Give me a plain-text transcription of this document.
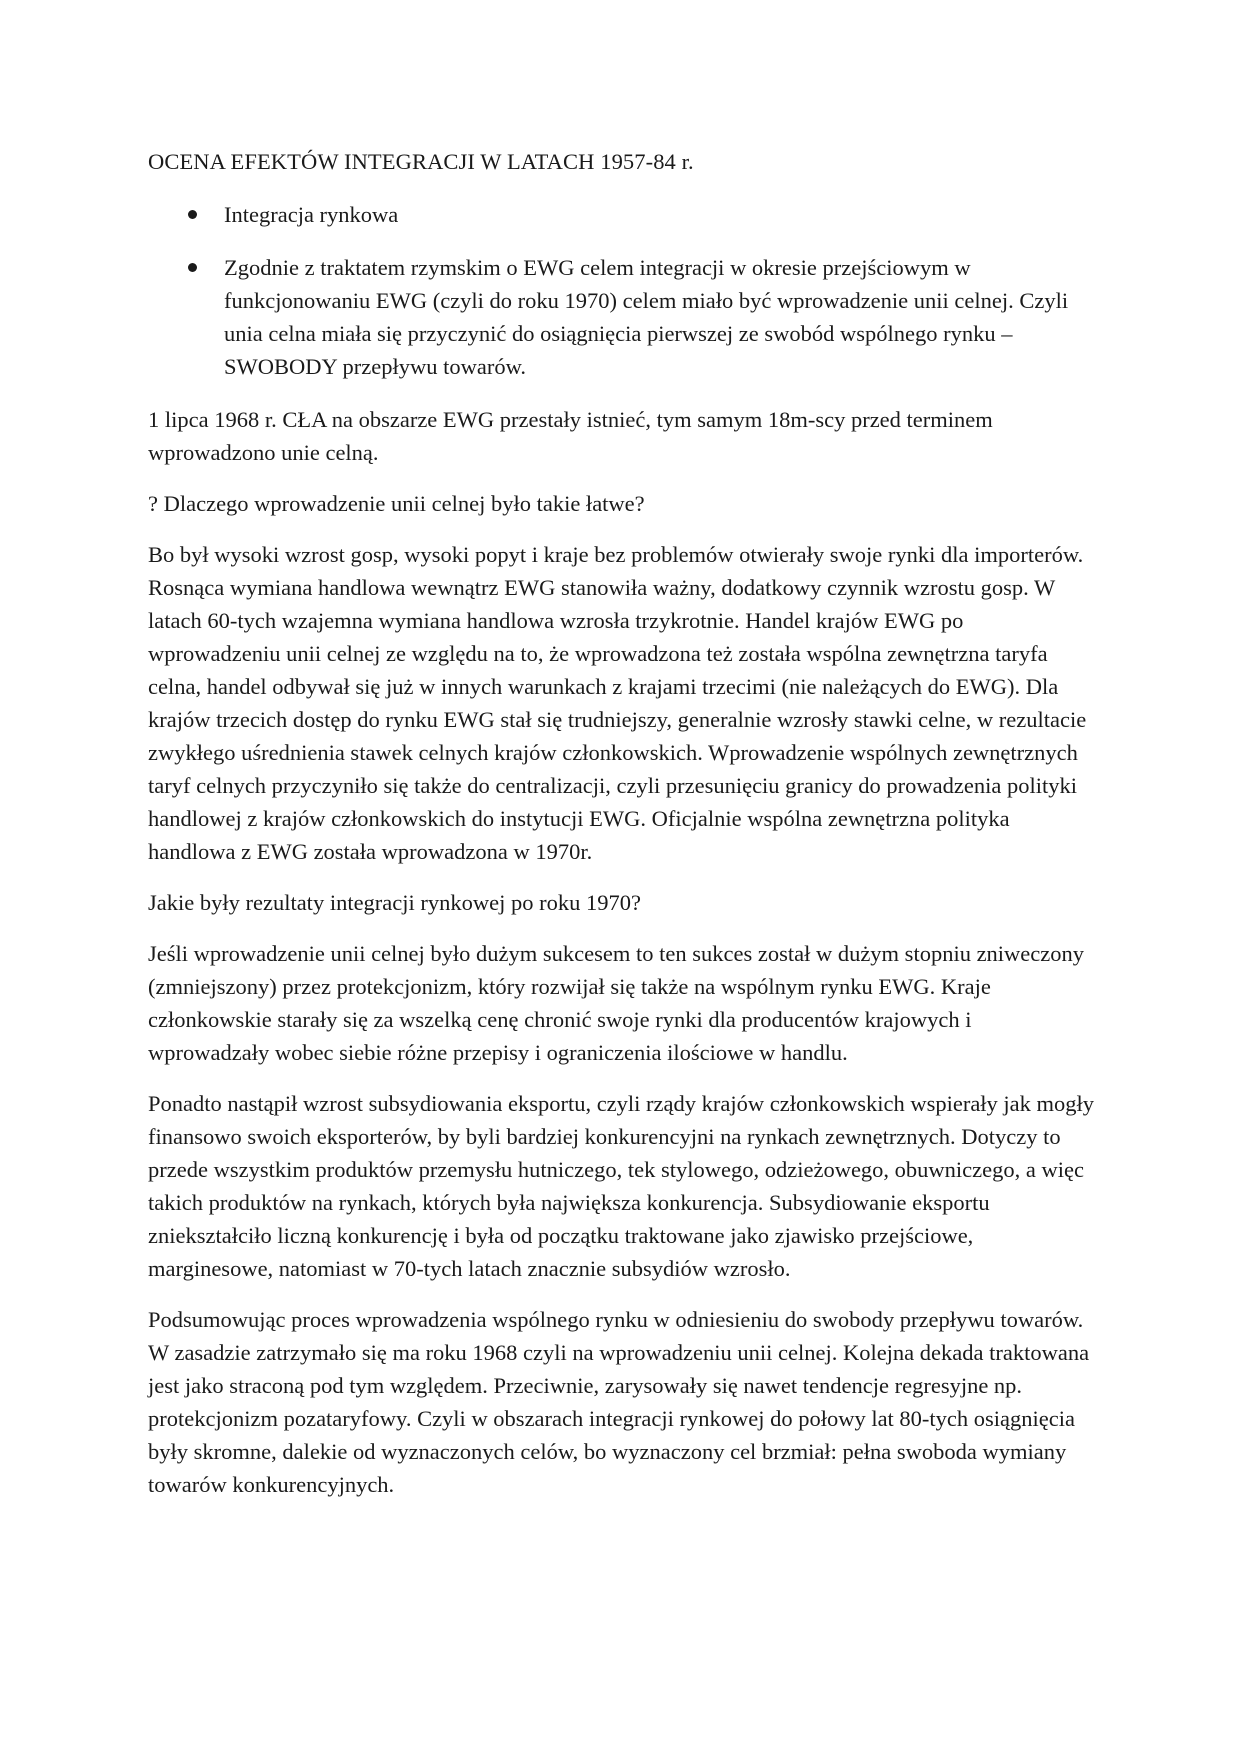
OCENA EFEKTÓW INTEGRACJI W LATACH 1957-84 r.
Integracja rynkowa
Zgodnie z traktatem rzymskim o EWG celem integracji w okresie przejściowym w funkcjonowaniu EWG (czyli do roku 1970) celem miało być wprowadzenie unii celnej. Czyli unia celna miała się przyczynić do osiągnięcia pierwszej ze swobód wspólnego rynku –SWOBODY przepływu towarów.

1 lipca 1968 r. CŁA na obszarze EWG przestały istnieć, tym samym 18m-scy przed terminem wprowadzono unie celną.

? Dlaczego wprowadzenie unii celnej było takie łatwe?

Bo był wysoki wzrost gosp, wysoki popyt i kraje bez problemów otwierały swoje rynki dla importerów. Rosnąca wymiana handlowa wewnątrz EWG stanowiła ważny, dodatkowy czynnik wzrostu gosp. W latach 60-tych wzajemna wymiana handlowa wzrosła trzykrotnie. Handel krajów EWG po wprowadzeniu unii celnej ze względu na to, że wprowadzona też została wspólna zewnętrzna taryfa celna, handel odbywał się już w innych warunkach z krajami trzecimi (nie należących do EWG). Dla krajów trzecich dostęp do rynku EWG stał się trudniejszy, generalnie wzrosły stawki celne, w rezultacie zwykłego uśrednienia stawek celnych krajów członkowskich. Wprowadzenie wspólnych zewnętrznych taryf celnych przyczyniło się także do centralizacji, czyli przesunięciu granicy do prowadzenia polityki handlowej z krajów członkowskich do instytucji EWG. Oficjalnie wspólna zewnętrzna polityka handlowa z EWG została wprowadzona w 1970r.

Jakie były rezultaty integracji rynkowej po roku 1970?

Jeśli wprowadzenie unii celnej było dużym sukcesem to ten sukces został w dużym stopniu zniweczony (zmniejszony) przez protekcjonizm, który rozwijał się także na wspólnym rynku EWG. Kraje członkowskie starały się za wszelką cenę chronić swoje rynki dla producentów krajowych i wprowadzały wobec siebie różne przepisy i ograniczenia ilościowe w handlu.

Ponadto nastąpił wzrost subsydiowania eksportu, czyli rządy krajów członkowskich wspierały jak mogły finansowo swoich eksporterów, by byli bardziej konkurencyjni na rynkach zewnętrznych. Dotyczy to przede wszystkim produktów przemysłu hutniczego, tek stylowego, odzieżowego, obuwniczego, a więc takich produktów na rynkach, których była największa konkurencja. Subsydiowanie eksportu zniekształciło liczną konkurencję i była od początku traktowane jako zjawisko przejściowe, marginesowe, natomiast w 70-tych latach znacznie subsydiów wzrosło.

Podsumowując proces wprowadzenia wspólnego rynku w odniesieniu do swobody przepływu towarów. W zasadzie zatrzymało się ma roku 1968 czyli na wprowadzeniu unii celnej. Kolejna dekada traktowana jest jako straconą pod tym względem. Przeciwnie, zarysowały się nawet tendencje regresyjne np. protekcjonizm pozataryfowy. Czyli w obszarach integracji rynkowej do połowy lat 80-tych osiągnięcia były skromne, dalekie od wyznaczonych celów, bo wyznaczony cel brzmiał: pełna swoboda wymiany towarów konkurencyjnych.
